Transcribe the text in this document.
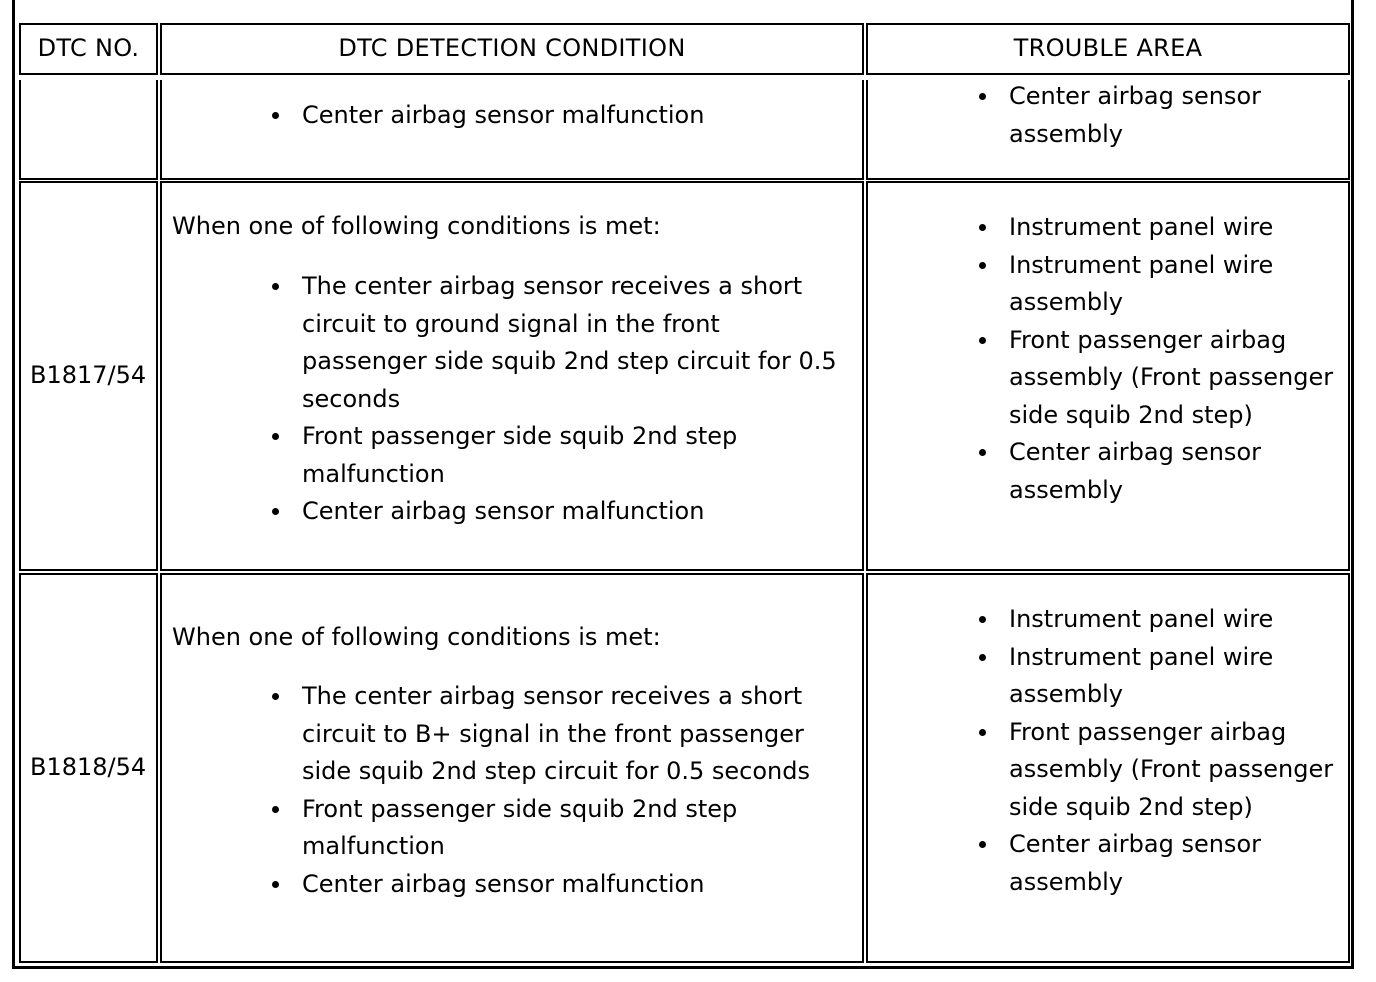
DTC NO.	DTC DETECTION CONDITION	TROUBLE AREA
Center airbag sensor malfunction
Center airbag sensor assembly
B1817/54
When one of following conditions is met:
The center airbag sensor receives a short circuit to ground signal in the front passenger side squib 2nd step circuit for 0.5 seconds
Front passenger side squib 2nd step malfunction
Center airbag sensor malfunction
Instrument panel wire
Instrument panel wire assembly
Front passenger airbag assembly (Front passenger side squib 2nd step)
Center airbag sensor assembly
B1818/54
When one of following conditions is met:
The center airbag sensor receives a short circuit to B+ signal in the front passenger side squib 2nd step circuit for 0.5 seconds
Front passenger side squib 2nd step malfunction
Center airbag sensor malfunction
Instrument panel wire
Instrument panel wire assembly
Front passenger airbag assembly (Front passenger side squib 2nd step)
Center airbag sensor assembly
